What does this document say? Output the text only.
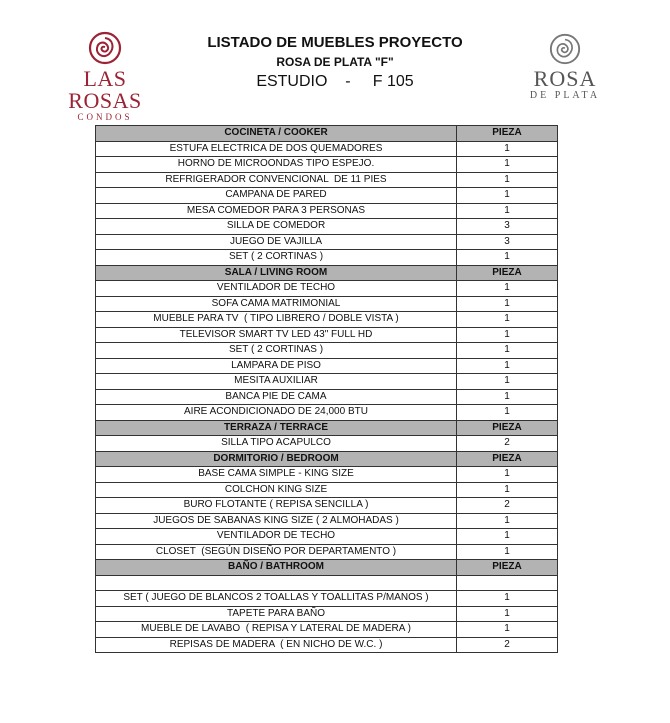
LAS ROSAS
CONDOS
LISTADO DE MUEBLES PROYECTO
ROSA DE PLATA "F"
ESTUDIO    -     F 105	ROSA
DE PLATA
COCINETA / COOKER	PIEZA
ESTUFA ELECTRICA DE DOS QUEMADORES	1
HORNO DE MICROONDAS TIPO ESPEJO.	1
REFRIGERADOR CONVENCIONAL  DE 11 PIES	1
CAMPANA DE PARED	1
MESA COMEDOR PARA 3 PERSONAS	1
SILLA DE COMEDOR	3
JUEGO DE VAJILLA	3
SET ( 2 CORTINAS )	1
SALA / LIVING ROOM	PIEZA
VENTILADOR DE TECHO	1
SOFA CAMA MATRIMONIAL	1
MUEBLE PARA TV  ( TIPO LIBRERO / DOBLE VISTA )	1
TELEVISOR SMART TV LED 43" FULL HD	1
SET ( 2 CORTINAS )	1
LAMPARA DE PISO	1
MESITA AUXILIAR	1
BANCA PIE DE CAMA	1
AIRE ACONDICIONADO DE 24,000 BTU	1
TERRAZA / TERRACE	PIEZA
SILLA TIPO ACAPULCO	2
DORMITORIO / BEDROOM	PIEZA
BASE CAMA SIMPLE - KING SIZE	1
COLCHON KING SIZE	1
BURO FLOTANTE ( REPISA SENCILLA )	2
JUEGOS DE SABANAS KING SIZE ( 2 ALMOHADAS )	1
VENTILADOR DE TECHO	1
CLOSET  (SEGÚN DISEÑO POR DEPARTAMENTO )	1
BAÑO / BATHROOM	PIEZA

SET ( JUEGO DE BLANCOS 2 TOALLAS Y TOALLITAS P/MANOS )	1
TAPETE PARA BAÑO	1
MUEBLE DE LAVABO  ( REPISA Y LATERAL DE MADERA )	1
REPISAS DE MADERA  ( EN NICHO DE W.C. )	2
